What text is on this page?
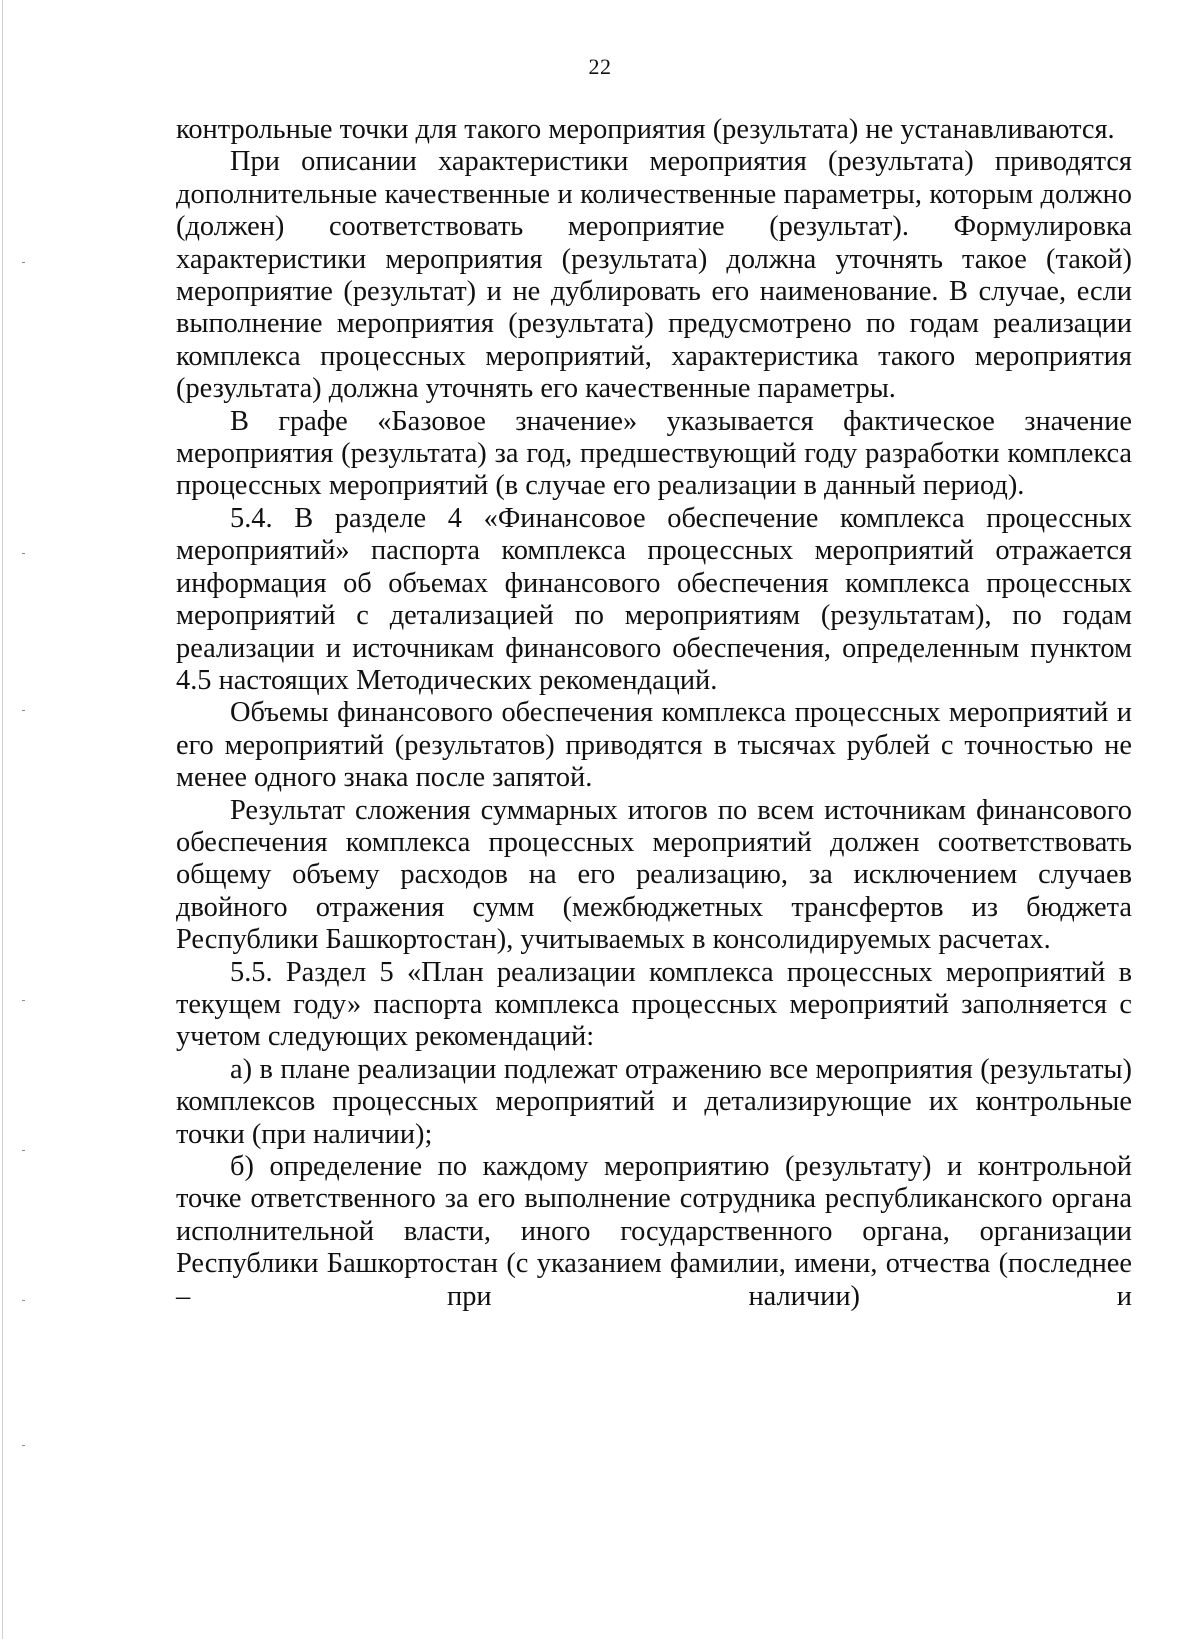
22

контрольные точки для такого мероприятия (результата) не устанавливаются.

При описании характеристики мероприятия (результата) приводятся дополнительные качественные и количественные параметры, которым должно (должен) соответствовать мероприятие (результат). Формулировка характеристики мероприятия (результата) должна уточнять такое (такой) мероприятие (результат) и не дублировать его наименование. В случае, если выполнение мероприятия (результата) предусмотрено по годам реализации комплекса процессных мероприятий, характеристика такого мероприятия (результата) должна уточнять его качественные параметры.

В графе «Базовое значение» указывается фактическое значение мероприятия (результата) за год, предшествующий году разработки комплекса процессных мероприятий (в случае его реализации в данный период).

5.4. В разделе 4 «Финансовое обеспечение комплекса процессных мероприятий» паспорта комплекса процессных мероприятий отражается информация об объемах финансового обеспечения комплекса процессных мероприятий с детализацией по мероприятиям (результатам), по годам реализации и источникам финансового обеспечения, определенным пунктом 4.5 настоящих Методических рекомендаций.

Объемы финансового обеспечения комплекса процессных мероприятий и его мероприятий (результатов) приводятся в тысячах рублей с точностью не менее одного знака после запятой.

Результат сложения суммарных итогов по всем источникам финансового обеспечения комплекса процессных мероприятий должен соответствовать общему объему расходов на его реализацию, за исключением случаев двойного отражения сумм (межбюджетных трансфертов из бюджета Республики Башкортостан), учитываемых в консолидируемых расчетах.

5.5. Раздел 5 «План реализации комплекса процессных мероприятий в текущем году» паспорта комплекса процессных мероприятий заполняется с учетом следующих рекомендаций:

а) в плане реализации подлежат отражению все мероприятия (результаты) комплексов процессных мероприятий и детализирующие их контрольные точки (при наличии);

б) определение по каждому мероприятию (результату) и контрольной точке ответственного за его выполнение сотрудника республиканского органа исполнительной власти, иного государственного органа, организации Республики Башкортостан (с указанием фамилии, имени, отчества (последнее – при наличии) и
